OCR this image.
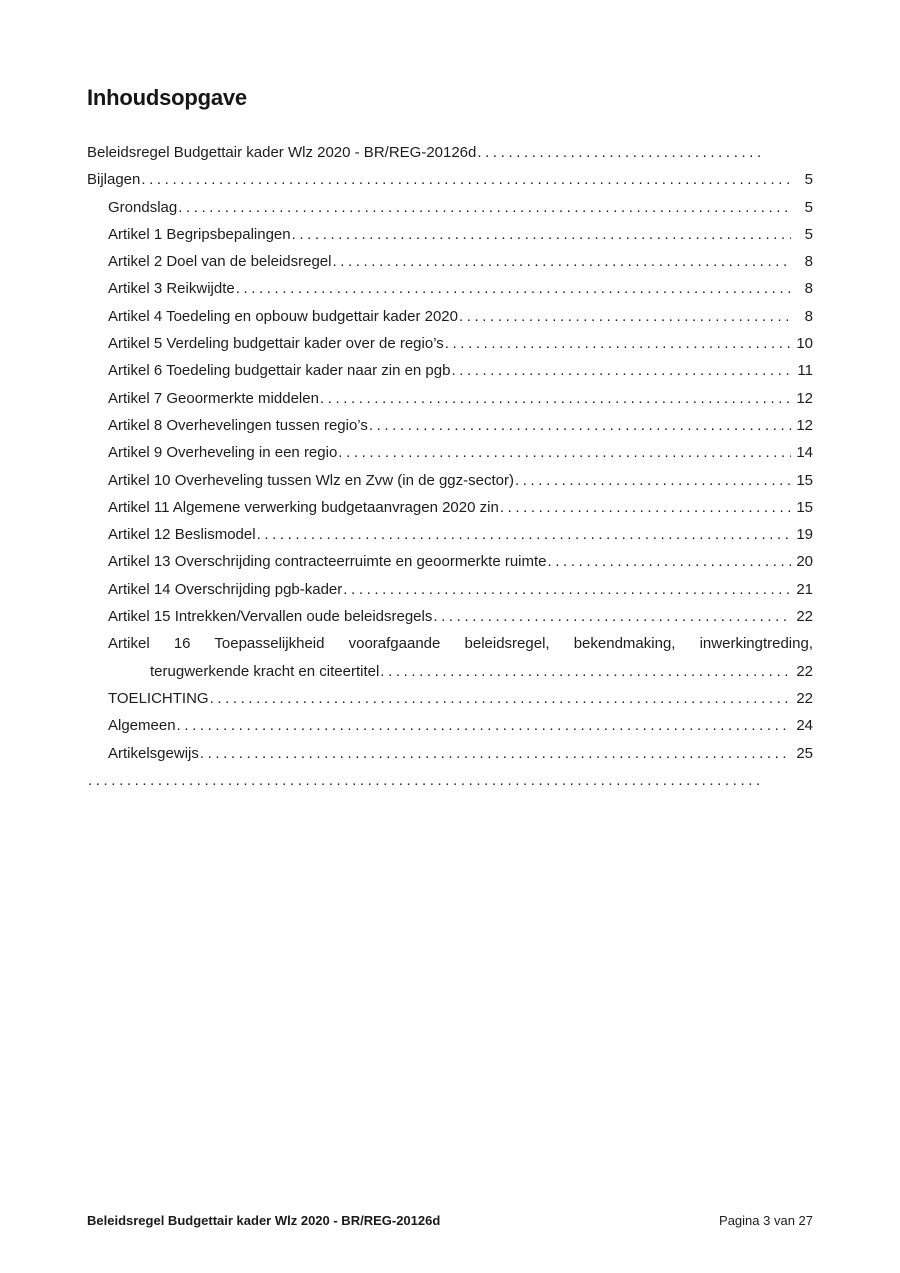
Inhoudsopgave
Beleidsregel Budgettair kader Wlz 2020 - BR/REG-20126d
.....
Bijlagen .....	5
Grondslag .....	5
Artikel 1 Begripsbepalingen .....	5
Artikel 2 Doel van de beleidsregel .....	8
Artikel 3 Reikwijdte .....	8
Artikel 4 Toedeling en opbouw budgettair kader 2020 .....	8
Artikel 5 Verdeling budgettair kader over de regio’s .....	10
Artikel 6 Toedeling budgettair kader naar zin en pgb .....	11
Artikel 7 Geoormerkte middelen .....	12
Artikel 8 Overhevelingen tussen regio’s .....	12
Artikel 9 Overheveling in een regio .....	14
Artikel 10 Overheveling tussen Wlz en Zvw (in de ggz-sector) .....	15
Artikel 11 Algemene verwerking budgetaanvragen 2020 zin .....	15
Artikel 12 Beslismodel .....	19
Artikel 13 Overschrijding contracteerruimte en geoormerkte ruimte .....	20
Artikel 14 Overschrijding pgb-kader .....	21
Artikel 15 Intrekken/Vervallen oude beleidsregels .....	22
Artikel 16 Toepasselijkheid voorafgaande beleidsregel, bekendmaking, inwerkingtreding,
terugwerkende kracht en citeertitel .....	22
TOELICHTING .....	22
Algemeen .....	24
Artikelsgewijs .....	25
.....
Beleidsregel Budgettair kader Wlz 2020 - BR/REG-20126d	Pagina 3 van 27
